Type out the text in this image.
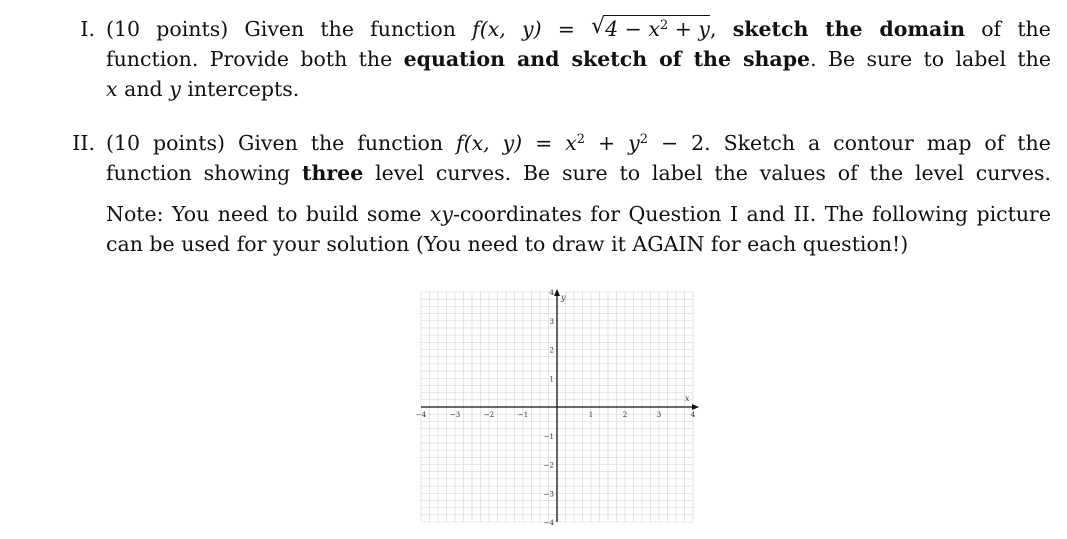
I. (10 points) Given the function f(x, y) = √ $4 - x^2 + y$, sketch the domain of the
function. Provide both the equation and sketch of the shape. Be sure to label the
x and y intercepts.
II. (10 points) Given the function f(x, $y) = x^2 + y^2 - 2$. Sketch a contour map of the
function showing three level curves. Be sure to label the values of the level curves.
Note: You need to build some xy-coordinates for Question I and II. The following picture
can be used for your solution (You need to draw it AGAIN for each question!)
x
y
−4	−3	−2	−1	1	2	3	4
4
3
2
1
−1
−2
−3
−4
